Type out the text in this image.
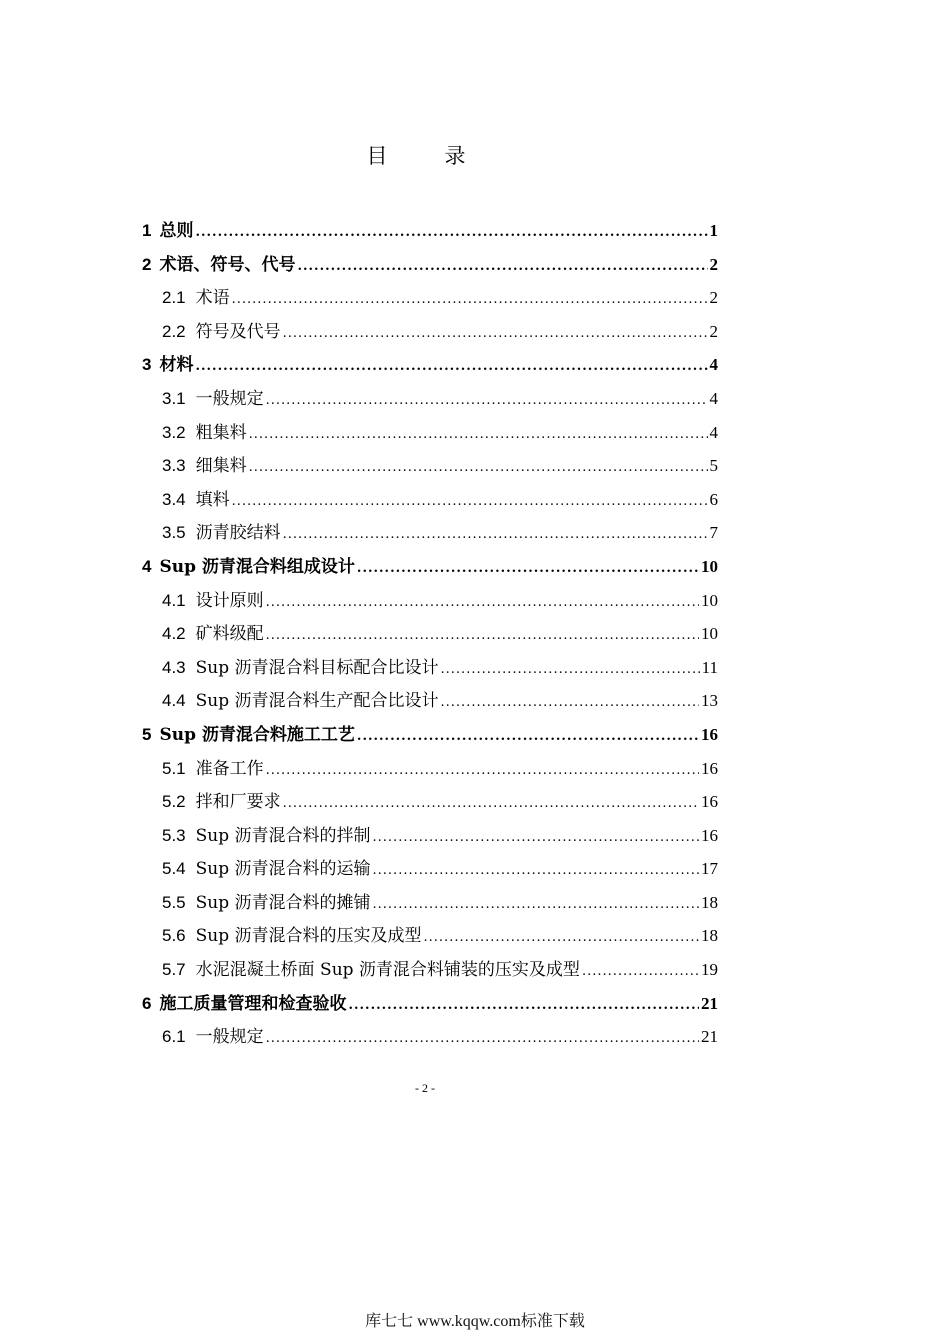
目　录
1 总则 .....	1
2 术语、符号、代号 .....	2
2.1 术语 .....	2
2.2 符号及代号 .....	2
3 材料 .....	4
3.1 一般规定 .....	4
3.2 粗集料 .....	4
3.3 细集料 .....	5
3.4 填料 .....	6
3.5 沥青胶结料 .....	7
4 Sup 沥青混合料组成设计 .....	10
4.1 设计原则 .....	10
4.2 矿料级配 .....	10
4.3 Sup 沥青混合料目标配合比设计 .....	11
4.4 Sup 沥青混合料生产配合比设计 .....	13
5 Sup 沥青混合料施工工艺 .....	16
5.1 准备工作 .....	16
5.2 拌和厂要求 .....	16
5.3 Sup 沥青混合料的拌制 .....	16
5.4 Sup 沥青混合料的运输 .....	17
5.5 Sup 沥青混合料的摊铺 .....	18
5.6 Sup 沥青混合料的压实及成型 .....	18
5.7 水泥混凝土桥面 Sup 沥青混合料铺装的压实及成型 .....	19
6 施工质量管理和检查验收 .....	21
6.1 一般规定 .....	21
- 2 -
库七七 www.kqqw.com标准下载
